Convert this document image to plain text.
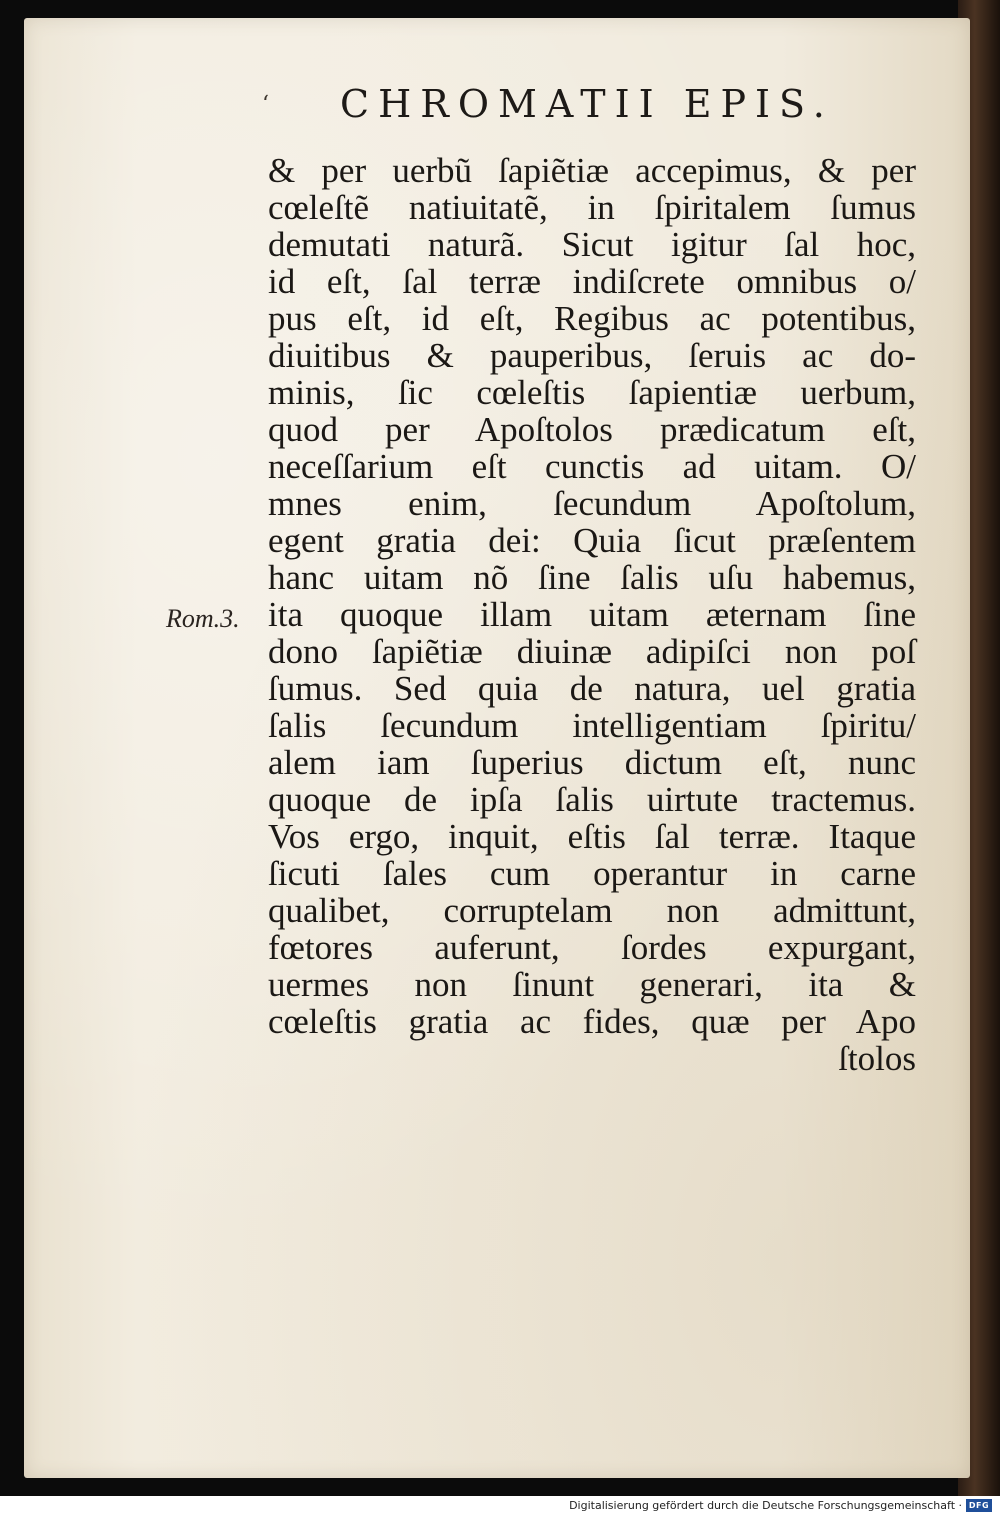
‘ CHROMATII EPIS.
Rom.3.
& per uerbũ ſapiẽtiæ accepimus, & per
cœleſtẽ natiuitatẽ, in ſpiritalem ſumus
demutati naturã. Sicut igitur ſal hoc,
id eſt, ſal terræ indiſcrete omnibus o/
pus eſt, id eſt, Regibus ac potentibus,
diuitibus & pauperibus, ſeruis ac do-
minis, ſic cœleſtis ſapientiæ uerbum,
quod per Apoſtolos prædicatum eſt,
neceſſarium eſt cunctis ad uitam. O/
mnes enim, ſecundum Apoſtolum,
egent gratia dei: Quia ſicut præſentem
hanc uitam nõ ſine ſalis uſu habemus,
ita quoque illam uitam æternam ſine
dono ſapiẽtiæ diuinæ adipiſci non poſ
ſumus. Sed quia de natura, uel gratia
ſalis ſecundum intelligentiam ſpiritu/
alem iam ſuperius dictum eſt, nunc
quoque de ipſa ſalis uirtute tractemus.
Vos ergo, inquit, eſtis ſal terræ. Itaque
ſicuti ſales cum operantur in carne
qualibet, corruptelam non admittunt,
fœtores auferunt, ſordes expurgant,
uermes non ſinunt generari, ita &
cœleſtis gratia ac fides, quæ per Apo
ſtolos
Digitalisierung gefördert durch die Deutsche Forschungsgemeinschaft · DFG
